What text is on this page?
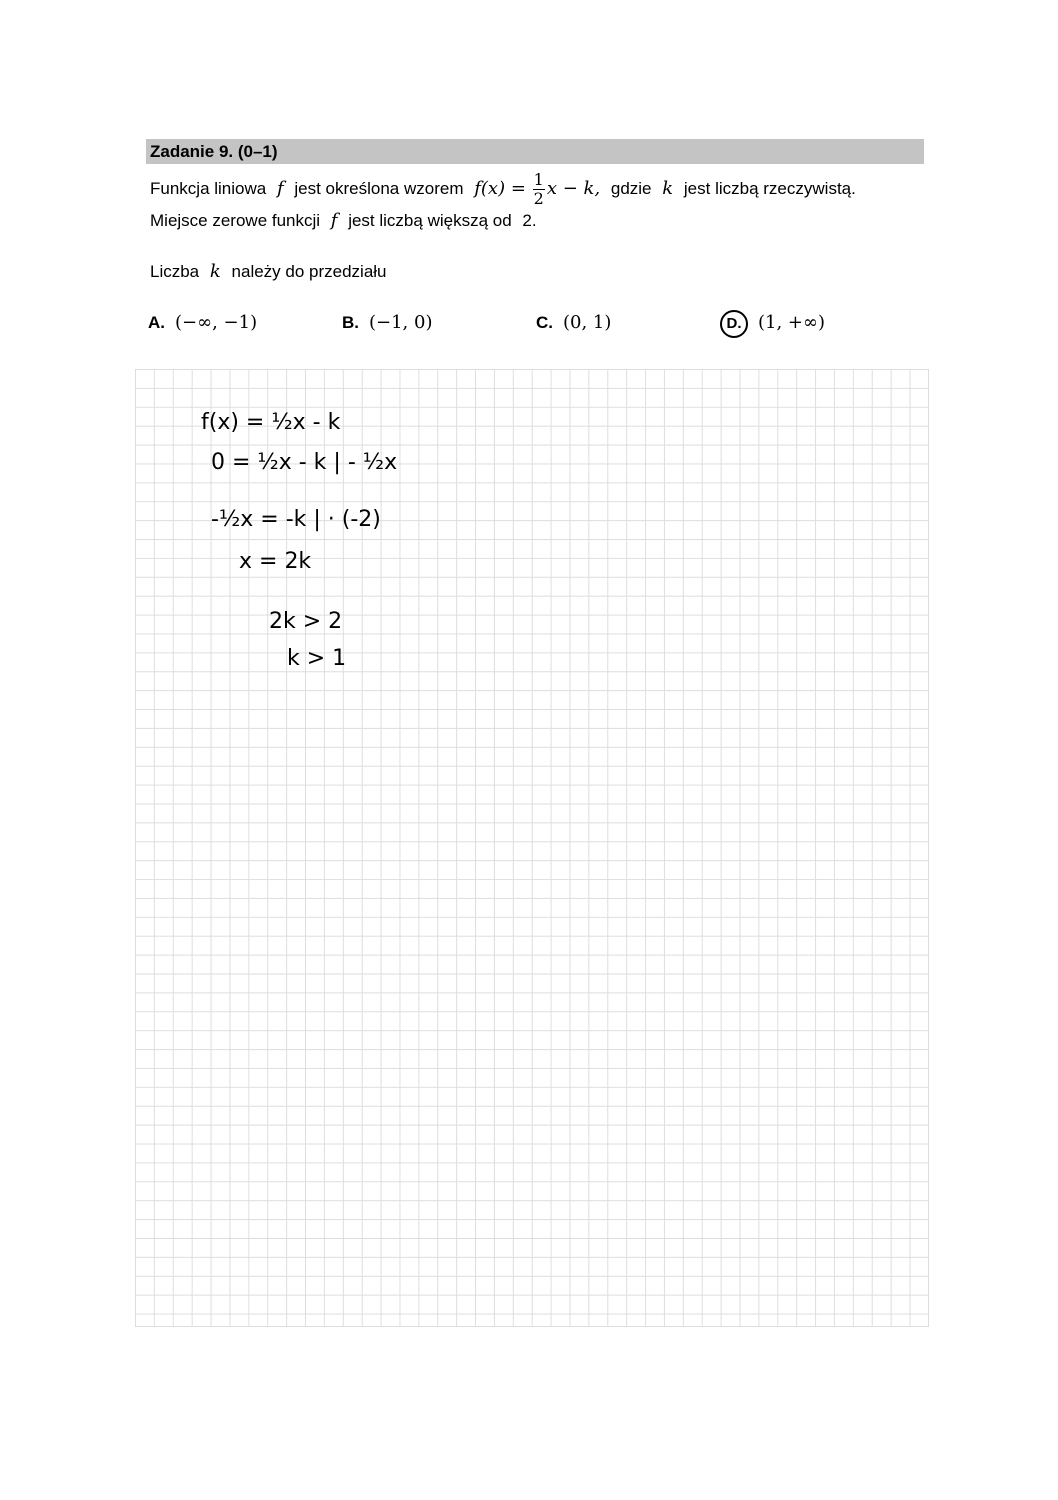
Zadanie 9. (0–1)
Funkcja liniowa f jest określona wzorem $f(x) = \frac{1}{2}$ x − k, gdzie k jest liczbą rzeczywistą.
Miejsce zerowe funkcji f jest liczbą większą od 2.
Liczba k należy do przedziału
A. (−∞, −1)	B. (−1, 0)	C. (0, 1)	D. (1, +∞)
f(x) = ½x - k
0 = ½x - k | - ½x
-½x = -k | · (-2)
x = 2k
2k > 2
k > 1
